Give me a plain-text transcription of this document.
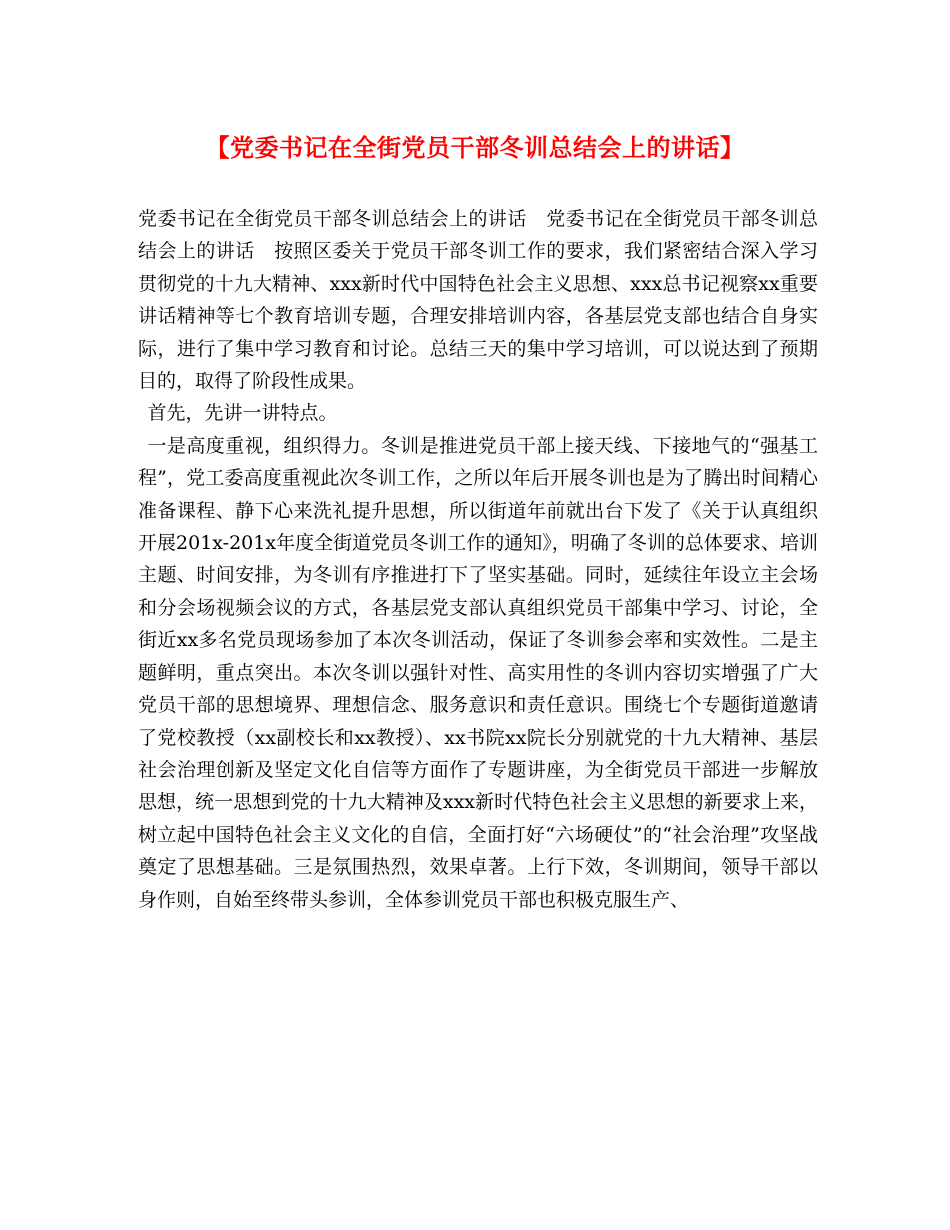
【党委书记在全街党员干部冬训总结会上的讲话】

党委书记在全街党员干部冬训总结会上的讲话　党委书记在全街党员干部冬训总结会上的讲话　按照区委关于党员干部冬训工作的要求，我们紧密结合深入学习贯彻党的十九大精神、xxx新时代中国特色社会主义思想、xxx总书记视察xx重要讲话精神等七个教育培训专题，合理安排培训内容，各基层党支部也结合自身实际，进行了集中学习教育和讨论。总结三天的集中学习培训，可以说达到了预期目的，取得了阶段性成果。

首先，先讲一讲特点。

一是高度重视，组织得力。冬训是推进党员干部上接天线、下接地气的“强基工程”，党工委高度重视此次冬训工作，之所以年后开展冬训也是为了腾出时间精心准备课程、静下心来洗礼提升思想，所以街道年前就出台下发了《关于认真组织开展201x-201x年度全街道党员冬训工作的通知》，明确了冬训的总体要求、培训主题、时间安排，为冬训有序推进打下了坚实基础。同时，延续往年设立主会场和分会场视频会议的方式，各基层党支部认真组织党员干部集中学习、讨论，全街近xx多名党员现场参加了本次冬训活动，保证了冬训参会率和实效性。二是主题鲜明，重点突出。本次冬训以强针对性、高实用性的冬训内容切实增强了广大党员干部的思想境界、理想信念、服务意识和责任意识。围绕七个专题街道邀请了党校教授（xx副校长和xx教授）、xx书院xx院长分别就党的十九大精神、基层社会治理创新及坚定文化自信等方面作了专题讲座，为全街党员干部进一步解放思想，统一思想到党的十九大精神及xxx新时代特色社会主义思想的新要求上来，树立起中国特色社会主义文化的自信，全面打好“六场硬仗”的“社会治理”攻坚战奠定了思想基础。三是氛围热烈，效果卓著。上行下效，冬训期间，领导干部以身作则，自始至终带头参训，全体参训党员干部也积极克服生产、
